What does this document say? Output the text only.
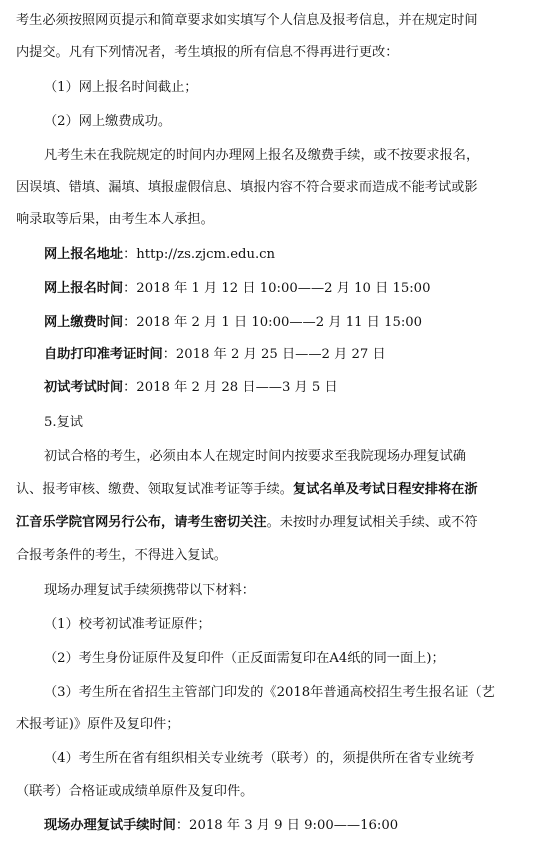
考生必须按照网页提示和简章要求如实填写个人信息及报考信息，并在规定时间
内提交。凡有下列情况者，考生填报的所有信息不得再进行更改：
（1）网上报名时间截止；
（2）网上缴费成功。
凡考生未在我院规定的时间内办理网上报名及缴费手续，或不按要求报名，
因误填、错填、漏填、填报虚假信息、填报内容不符合要求而造成不能考试或影
响录取等后果，由考生本人承担。
网上报名地址：http://zs.zjcm.edu.cn
网上报名时间：2018 年 1 月 12 日 10:00——2 月 10 日 15:00
网上缴费时间：2018 年 2 月 1 日 10:00——2 月 11 日 15:00
自助打印准考证时间：2018 年 2 月 25 日——2 月 27 日
初试考试时间：2018 年 2 月 28 日——3 月 5 日
5.复试
初试合格的考生，必须由本人在规定时间内按要求至我院现场办理复试确
认、报考审核、缴费、领取复试准考证等手续。复试名单及考试日程安排将在浙
江音乐学院官网另行公布，请考生密切关注。未按时办理复试相关手续、或不符
合报考条件的考生，不得进入复试。
现场办理复试手续须携带以下材料：
（1）校考初试准考证原件；
（2）考生身份证原件及复印件（正反面需复印在A4纸的同一面上)；
（3）考生所在省招生主管部门印发的《2018年普通高校招生考生报名证（艺
术报考证)》原件及复印件；
（4）考生所在省有组织相关专业统考（联考）的，须提供所在省专业统考
（联考）合格证或成绩单原件及复印件。
现场办理复试手续时间：2018 年 3 月 9 日 9:00——16:00
